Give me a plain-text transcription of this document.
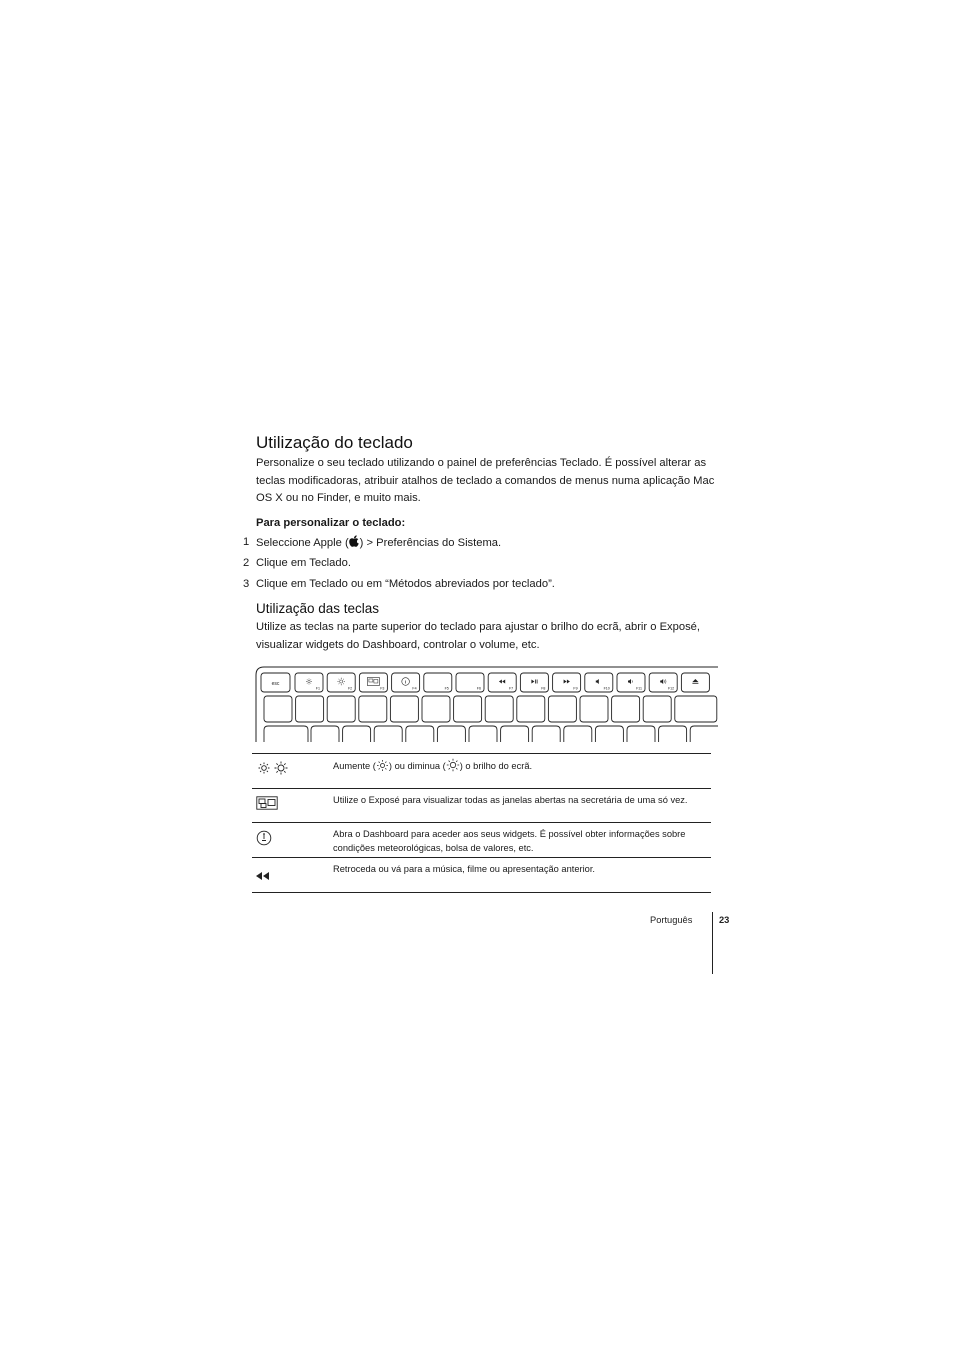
Utilização do teclado

Personalize o seu teclado utilizando o painel de preferências Teclado. É possível alterar as teclas modificadoras, atribuir atalhos de teclado a comandos de menus numa aplicação Mac OS X ou no Finder, e muito mais.

Para personalizar o teclado:
1 Seleccione Apple ( ) > Preferências do Sistema.
2 Clique em Teclado.
3 Clique em Teclado ou em “Métodos abreviados por teclado”.
Utilização das teclas

Utilize as teclas na parte superior do teclado para ajustar o brilho do ecrã, abrir o Exposé, visualizar widgets do Dashboard, controlar o volume, etc.

esc
F1	F2	F3	F4	F5	F6	F7	F8	F9	F10	F11	F12
Aumente ( ) ou diminua ( ) o brilho do ecrã.
Utilize o Exposé para visualizar todas as janelas abertas na secretária de uma só vez.
Abra o Dashboard para aceder aos seus widgets. É possível obter informações sobre condições meteorológicas, bolsa de valores, etc.
Retroceda ou vá para a música, filme ou apresentação anterior.
Português	23
